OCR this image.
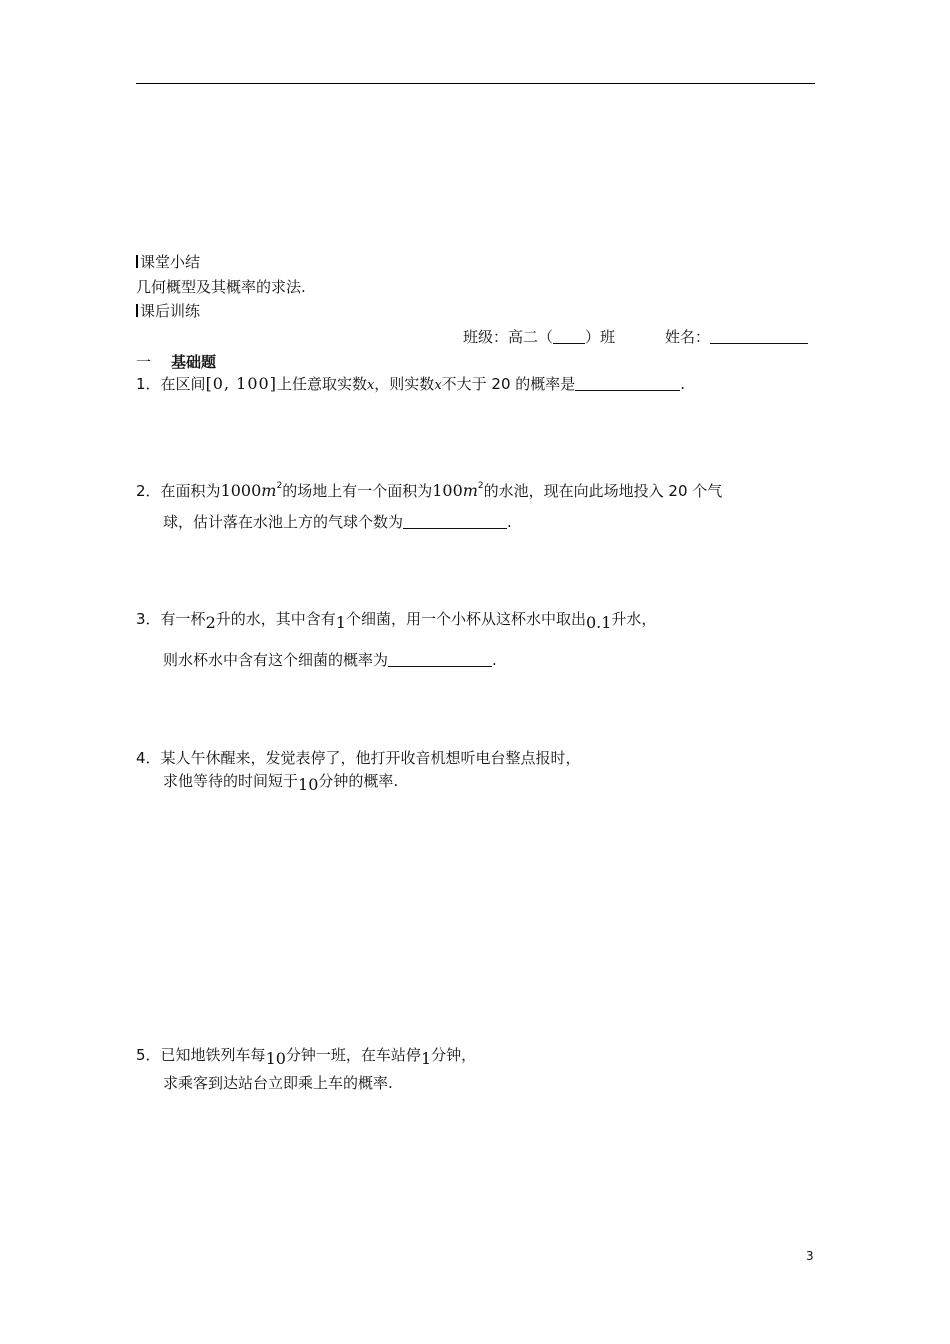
课堂小结
几何概型及其概率的求法.
课后训练
班级：高二（ ）班	姓名：
一 基础题
1．在区间[0, 100]上任意取实数x，则实数x不大于 20 的概率是	.
2．在面积为$1000m^2$的场地上有一个面积为$100m^2$的水池，现在向此场地投入 20 个气
球，估计落在水池上方的气球个数为	.
3．有一杯2升的水，其中含有1个细菌，用一个小杯从这杯水中取出0.1升水，
则水杯水中含有这个细菌的概率为	.
4．某人午休醒来，发觉表停了，他打开收音机想听电台整点报时，
求他等待的时间短于10分钟的概率.
5．已知地铁列车每10分钟一班，在车站停1分钟，
求乘客到达站台立即乘上车的概率.
3
